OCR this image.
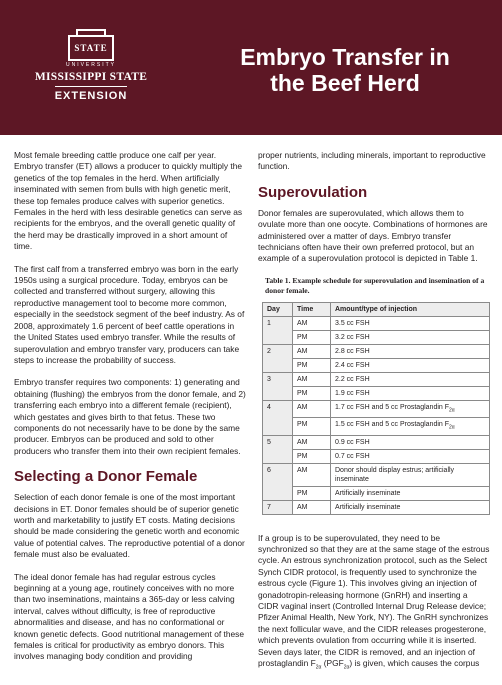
STATE
UNIVERSITY
MISSISSIPPI STATE
EXTENSION
Embryo Transfer in
the Beef Herd

Most female breeding cattle produce one calf per year. Embryo transfer (ET) allows a producer to quickly multiply the genetics of the top females in the herd. When artificially inseminated with semen from bulls with high genetic merit, these top females produce calves with superior genetics. Females in the herd with less desirable genetics can serve as recipients for the embryos, and the overall genetic quality of the herd may be drastically improved in a short amount of time.

The first calf from a transferred embryo was born in the early 1950s using a surgical procedure. Today, embryos can be collected and transferred without surgery, allowing this reproductive management tool to become more common, especially in the seedstock segment of the beef industry. As of 2008, approximately 1.6 percent of beef cattle operations in the United States used embryo transfer. While the results of superovulation and embryo transfer vary, producers can take steps to increase the probability of success.

Embryo transfer requires two components: 1) generating and obtaining (flushing) the embryos from the donor female, and 2) transferring each embryo into a different female (recipient), which gestates and gives birth to that fetus. These two components do not necessarily have to be done by the same producer. Embryos can be produced and sold to other producers who transfer them into their own recipient females.

Selecting a Donor Female

Selection of each donor female is one of the most important decisions in ET. Donor females should be of superior genetic worth and marketability to justify ET costs. Mating decisions should be made considering the genetic worth and economic value of potential calves. The reproductive potential of a donor female must also be evaluated.

The ideal donor female has had regular estrous cycles beginning at a young age, routinely conceives with no more than two inseminations, maintains a 365-day or less calving interval, calves without difficulty, is free of reproductive abnormalities and disease, and has no conformational or known genetic defects. Good nutritional management of these females is critical for productivity as embryo donors. This involves managing body condition and providing

proper nutrients, including minerals, important to reproductive function.

Superovulation

Donor females are superovulated, which allows them to ovulate more than one oocyte. Combinations of hormones are administered over a matter of days. Embryo transfer technicians often have their own preferred protocol, but an example of a superovulation protocol is depicted in Table 1.

Table 1. Example schedule for superovulation and insemination of a donor female.
Day	Time	Amount/type of injection
1	AM	3.5 cc FSH
	PM	3.2 cc FSH
2	AM	2.8 cc FSH
	PM	2.4 cc FSH
3	AM	2.2 cc FSH
	PM	1.9 cc FSH
4	AM	1.7 cc FSH and 5 cc Prostaglandin $F_{2\alpha}$
	PM	1.5 cc FSH and 5 cc Prostaglandin $F_{2\alpha}$
5	AM	0.9 cc FSH
	PM	0.7 cc FSH
6	AM	Donor should display estrus; artificially inseminate
	PM	Artificially inseminate
7	AM	Artificially inseminate

If a group is to be superovulated, they need to be synchronized so that they are at the same stage of the estrous cycle. An estrous synchronization protocol, such as the Select Synch CIDR protocol, is frequently used to synchronize the estrous cycle (Figure 1). This involves giving an injection of gonadotropin-releasing hormone (GnRH) and inserting a CIDR vaginal insert (Controlled Internal Drug Release device; Pfizer Animal Health, New York, NY). The GnRH synchronizes the next follicular wave, and the CIDR releases progesterone, which prevents ovulation from occurring while it is inserted. Seven days later, the CIDR is removed, and an injection of prostaglandin $F_{2\alpha}$ $(PGF_{2\alpha})$ is given, which causes the corpus
